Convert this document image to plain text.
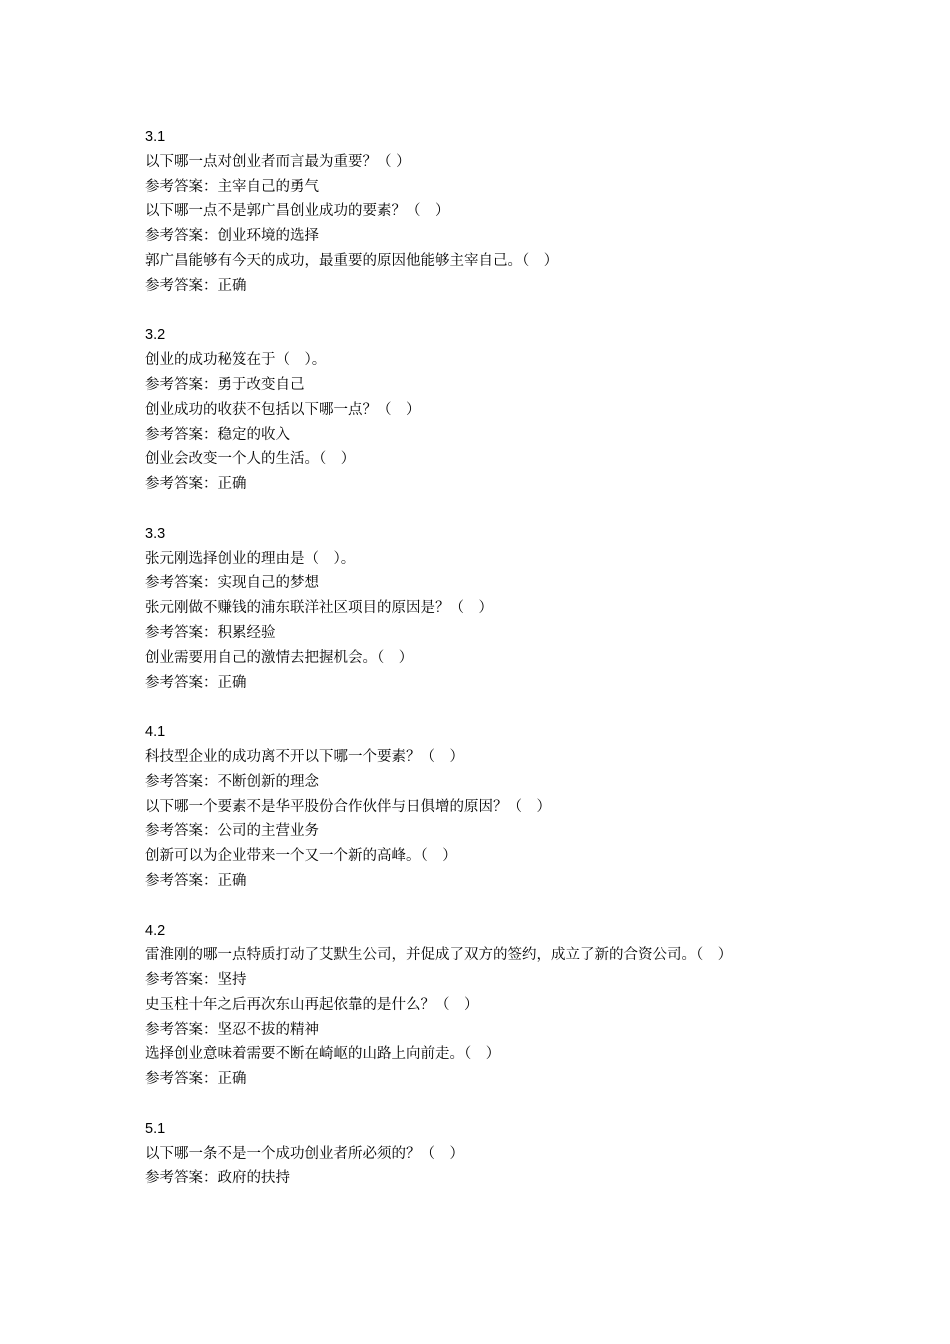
3.1
以下哪一点对创业者而言最为重要？（ ）
参考答案：主宰自己的勇气
以下哪一点不是郭广昌创业成功的要素？（　）
参考答案：创业环境的选择
郭广昌能够有今天的成功，最重要的原因他能够主宰自己。（　）
参考答案：正确
3.2
创业的成功秘笈在于（　）。
参考答案：勇于改变自己
创业成功的收获不包括以下哪一点？（　）
参考答案：稳定的收入
创业会改变一个人的生活。（　）
参考答案：正确
3.3
张元刚选择创业的理由是（　）。
参考答案：实现自己的梦想
张元刚做不赚钱的浦东联洋社区项目的原因是？（　）
参考答案：积累经验
创业需要用自己的激情去把握机会。（　）
参考答案：正确
4.1
科技型企业的成功离不开以下哪一个要素？（　）
参考答案：不断创新的理念
以下哪一个要素不是华平股份合作伙伴与日俱增的原因？（　）
参考答案：公司的主营业务
创新可以为企业带来一个又一个新的高峰。（　）
参考答案：正确
4.2
雷淮刚的哪一点特质打动了艾默生公司，并促成了双方的签约，成立了新的合资公司。（　）
参考答案：坚持
史玉柱十年之后再次东山再起依靠的是什么？（　）
参考答案：坚忍不拔的精神
选择创业意味着需要不断在崎岖的山路上向前走。（　）
参考答案：正确
5.1
以下哪一条不是一个成功创业者所必须的？（　）
参考答案：政府的扶持
